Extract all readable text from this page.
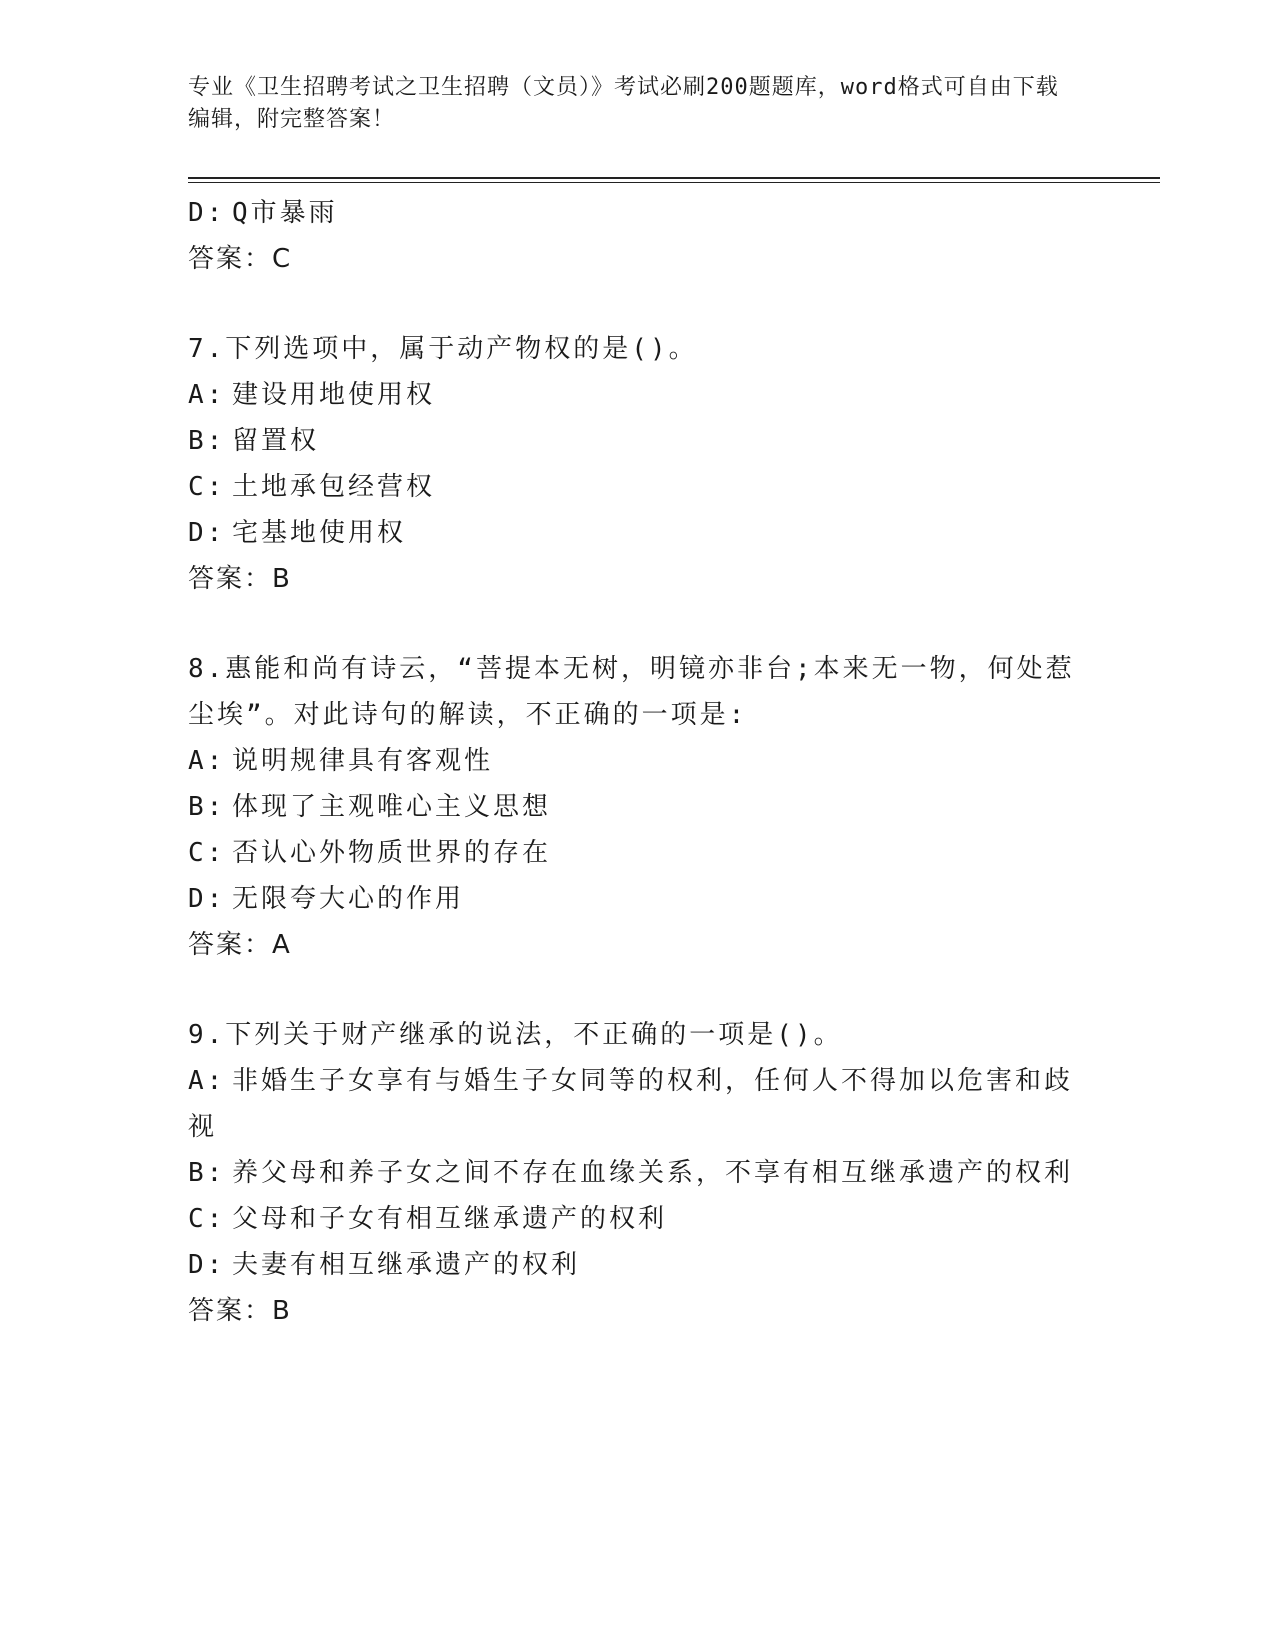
专业《卫生招聘考试之卫生招聘（文员）》考试必刷200题题库，word格式可自由下载编辑，附完整答案！
D: Q市暴雨
答案：C
7.下列选项中，属于动产物权的是()。
A: 建设用地使用权
B: 留置权
C: 土地承包经营权
D: 宅基地使用权
答案：B
8.惠能和尚有诗云，“菩提本无树，明镜亦非台;本来无一物，何处惹尘埃”。对此诗句的解读，不正确的一项是:
A: 说明规律具有客观性
B: 体现了主观唯心主义思想
C: 否认心外物质世界的存在
D: 无限夸大心的作用
答案：A
9.下列关于财产继承的说法，不正确的一项是()。
A: 非婚生子女享有与婚生子女同等的权利，任何人不得加以危害和歧视
B: 养父母和养子女之间不存在血缘关系，不享有相互继承遗产的权利
C: 父母和子女有相互继承遗产的权利
D: 夫妻有相互继承遗产的权利
答案：B
